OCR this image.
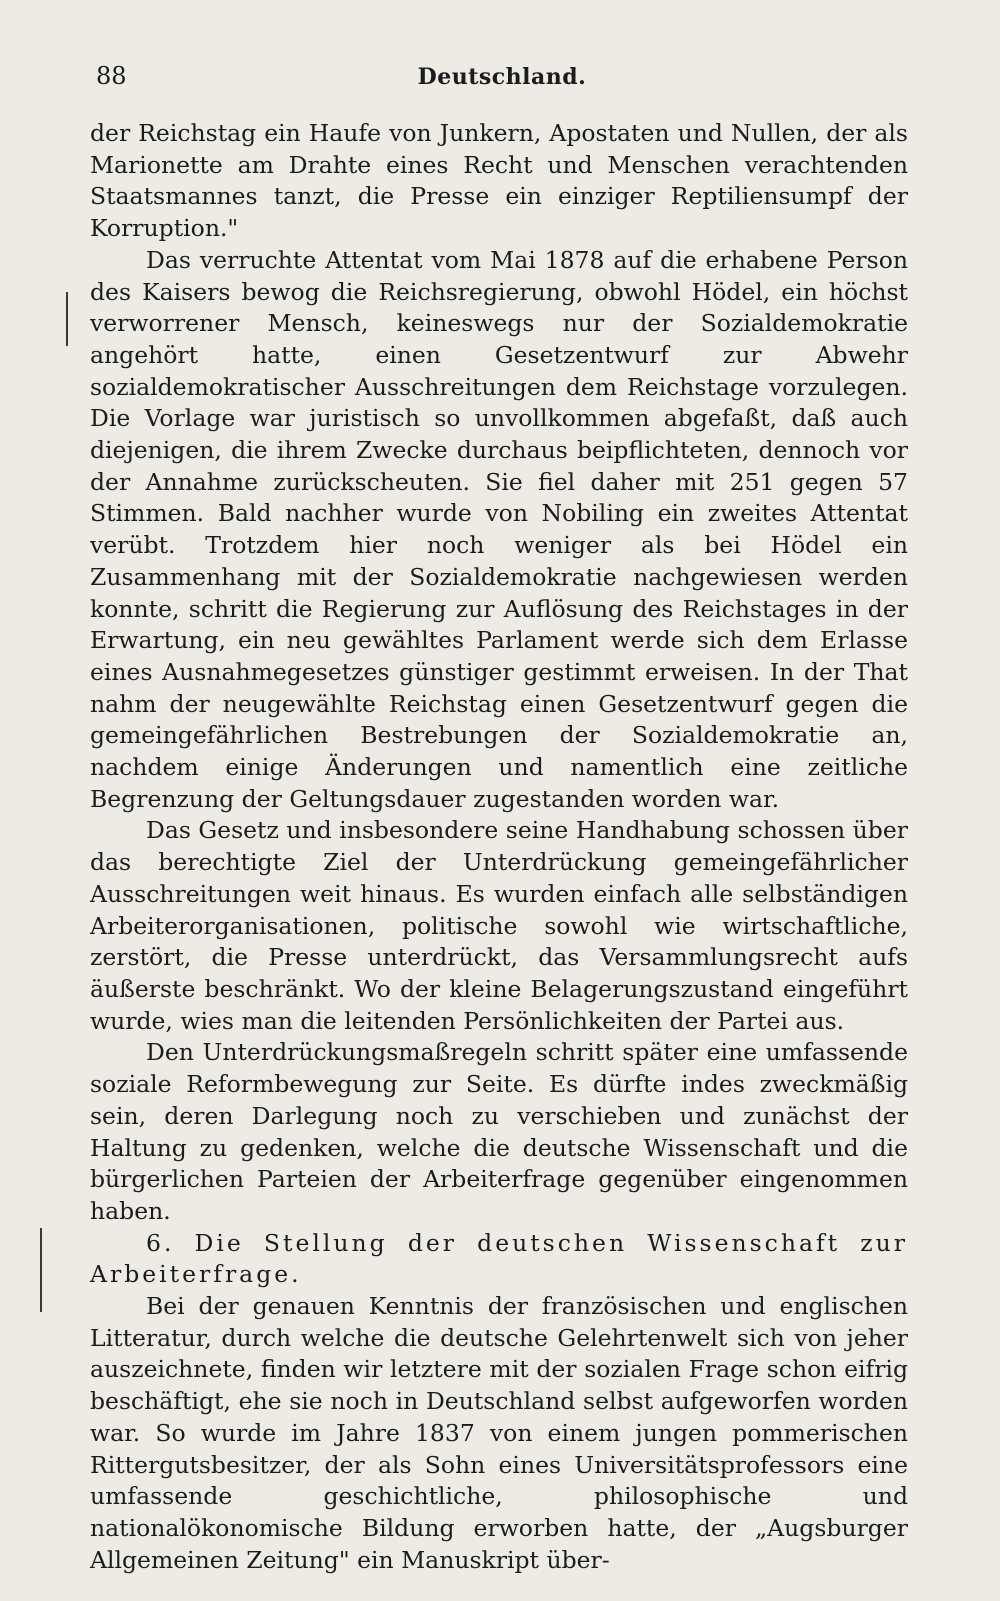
88	Deutschland.

der Reichstag ein Haufe von Junkern, Apostaten und Nullen, der als Marionette am Drahte eines Recht und Menschen verachtenden Staatsmannes tanzt, die Presse ein einziger Reptiliensumpf der Korruption."

Das verruchte Attentat vom Mai 1878 auf die erhabene Person des Kaisers bewog die Reichsregierung, obwohl Hödel, ein höchst verworrener Mensch, keineswegs nur der Sozialdemokratie angehört hatte, einen Gesetzentwurf zur Abwehr sozialdemokratischer Ausschreitungen dem Reichstage vorzulegen. Die Vorlage war juristisch so unvollkommen abgefaßt, daß auch diejenigen, die ihrem Zwecke durchaus beipflichteten, dennoch vor der Annahme zurückscheuten. Sie fiel daher mit 251 gegen 57 Stimmen. Bald nachher wurde von Nobiling ein zweites Attentat verübt. Trotzdem hier noch weniger als bei Hödel ein Zusammenhang mit der Sozialdemokratie nachgewiesen werden konnte, schritt die Regierung zur Auflösung des Reichstages in der Erwartung, ein neu gewähltes Parlament werde sich dem Erlasse eines Ausnahmegesetzes günstiger gestimmt erweisen. In der That nahm der neugewählte Reichstag einen Gesetzentwurf gegen die gemeingefährlichen Bestrebungen der Sozialdemokratie an, nachdem einige Änderungen und namentlich eine zeitliche Begrenzung der Geltungsdauer zugestanden worden war.

Das Gesetz und insbesondere seine Handhabung schossen über das berechtigte Ziel der Unterdrückung gemeingefährlicher Ausschreitungen weit hinaus. Es wurden einfach alle selbständigen Arbeiterorganisationen, politische sowohl wie wirtschaftliche, zerstört, die Presse unterdrückt, das Versammlungsrecht aufs äußerste beschränkt. Wo der kleine Belagerungszustand eingeführt wurde, wies man die leitenden Persönlichkeiten der Partei aus.

Den Unterdrückungsmaßregeln schritt später eine umfassende soziale Reformbewegung zur Seite. Es dürfte indes zweckmäßig sein, deren Darlegung noch zu verschieben und zunächst der Haltung zu gedenken, welche die deutsche Wissenschaft und die bürgerlichen Parteien der Arbeiterfrage gegenüber eingenommen haben.

6. Die Stellung der deutschen Wissenschaft zur Arbeiterfrage.

Bei der genauen Kenntnis der französischen und englischen Litteratur, durch welche die deutsche Gelehrtenwelt sich von jeher auszeichnete, finden wir letztere mit der sozialen Frage schon eifrig beschäftigt, ehe sie noch in Deutschland selbst aufgeworfen worden war. So wurde im Jahre 1837 von einem jungen pommerischen Rittergutsbesitzer, der als Sohn eines Universitätsprofessors eine umfassende geschichtliche, philosophische und nationalökonomische Bildung erworben hatte, der „Augsburger Allgemeinen Zeitung" ein Manuskript über-
